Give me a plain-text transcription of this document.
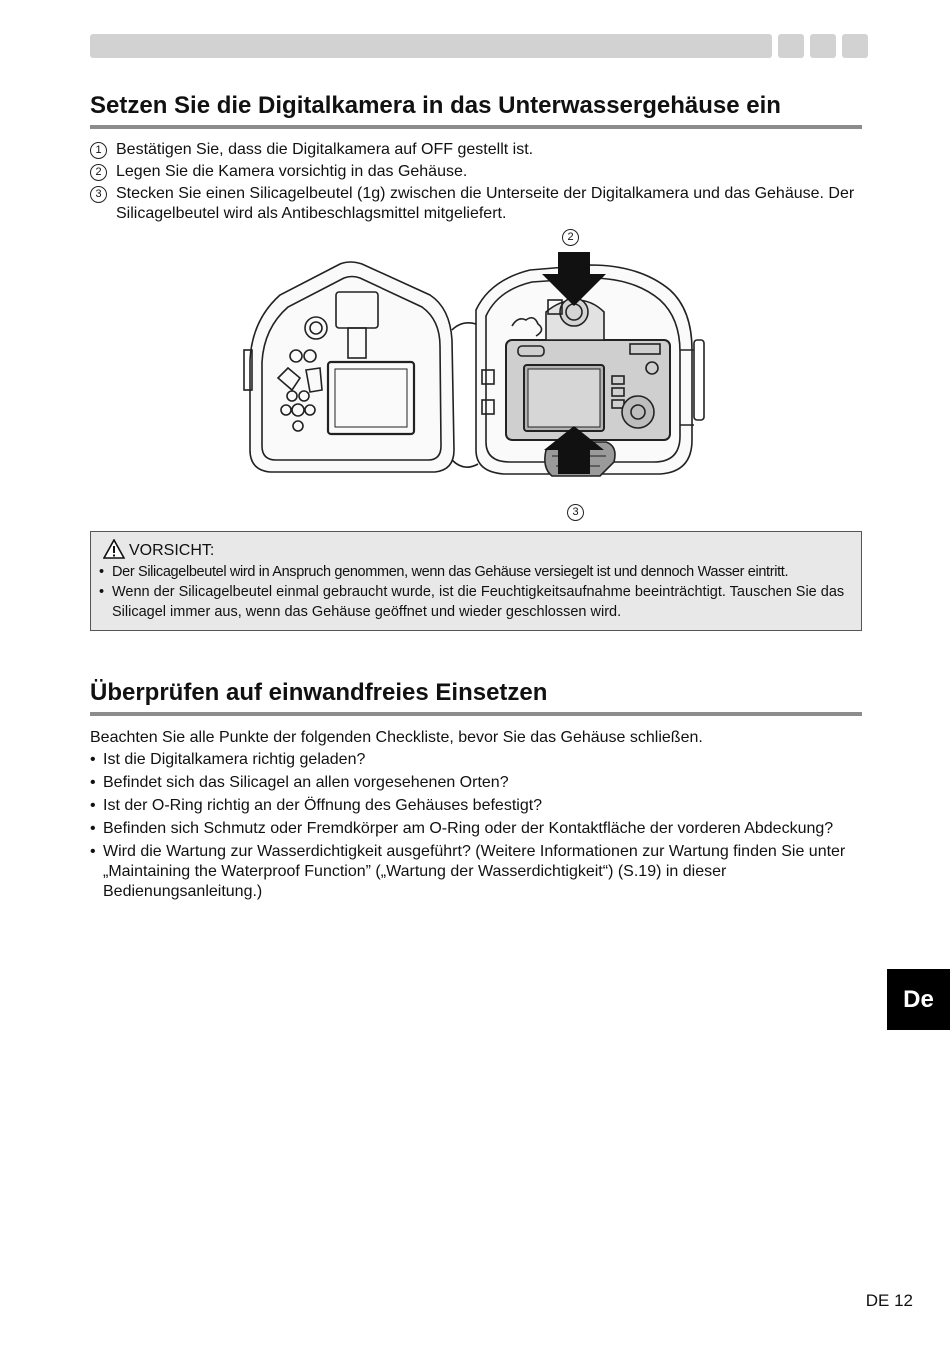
Setzen Sie die Digitalkamera in das Unterwassergehäuse ein
1 Bestätigen Sie, dass die Digitalkamera auf OFF gestellt ist.
2 Legen Sie die Kamera vorsichtig in das Gehäuse.
3 Stecken Sie einen Silicagelbeutel (1g) zwischen die Unterseite der Digitalkamera und das Gehäuse. Der Silicagelbeutel wird als Antibeschlagsmittel mitgeliefert.
2
3
VORSICHT:
• Der Silicagelbeutel wird in Anspruch genommen, wenn das Gehäuse versiegelt ist und dennoch Wasser eintritt.
• Wenn der Silicagelbeutel einmal gebraucht wurde, ist die Feuchtigkeitsaufnahme beeinträchtigt. Tauschen Sie das Silicagel immer aus, wenn das Gehäuse geöffnet und wieder geschlossen wird.
Überprüfen auf einwandfreies Einsetzen
Beachten Sie alle Punkte der folgenden Checkliste, bevor Sie das Gehäuse schließen.
• Ist die Digitalkamera richtig geladen?
• Befindet sich das Silicagel an allen vorgesehenen Orten?
• Ist der O-Ring richtig an der Öffnung des Gehäuses befestigt?
• Befinden sich Schmutz oder Fremdkörper am O-Ring oder der Kontaktfläche der vorderen Abdeckung?
• Wird die Wartung zur Wasserdichtigkeit ausgeführt? (Weitere Informationen zur Wartung finden Sie unter „Maintaining the Waterproof Function” („Wartung der Wasserdichtigkeit“) (S.19) in dieser Bedienungsanleitung.)
De
DE 12
